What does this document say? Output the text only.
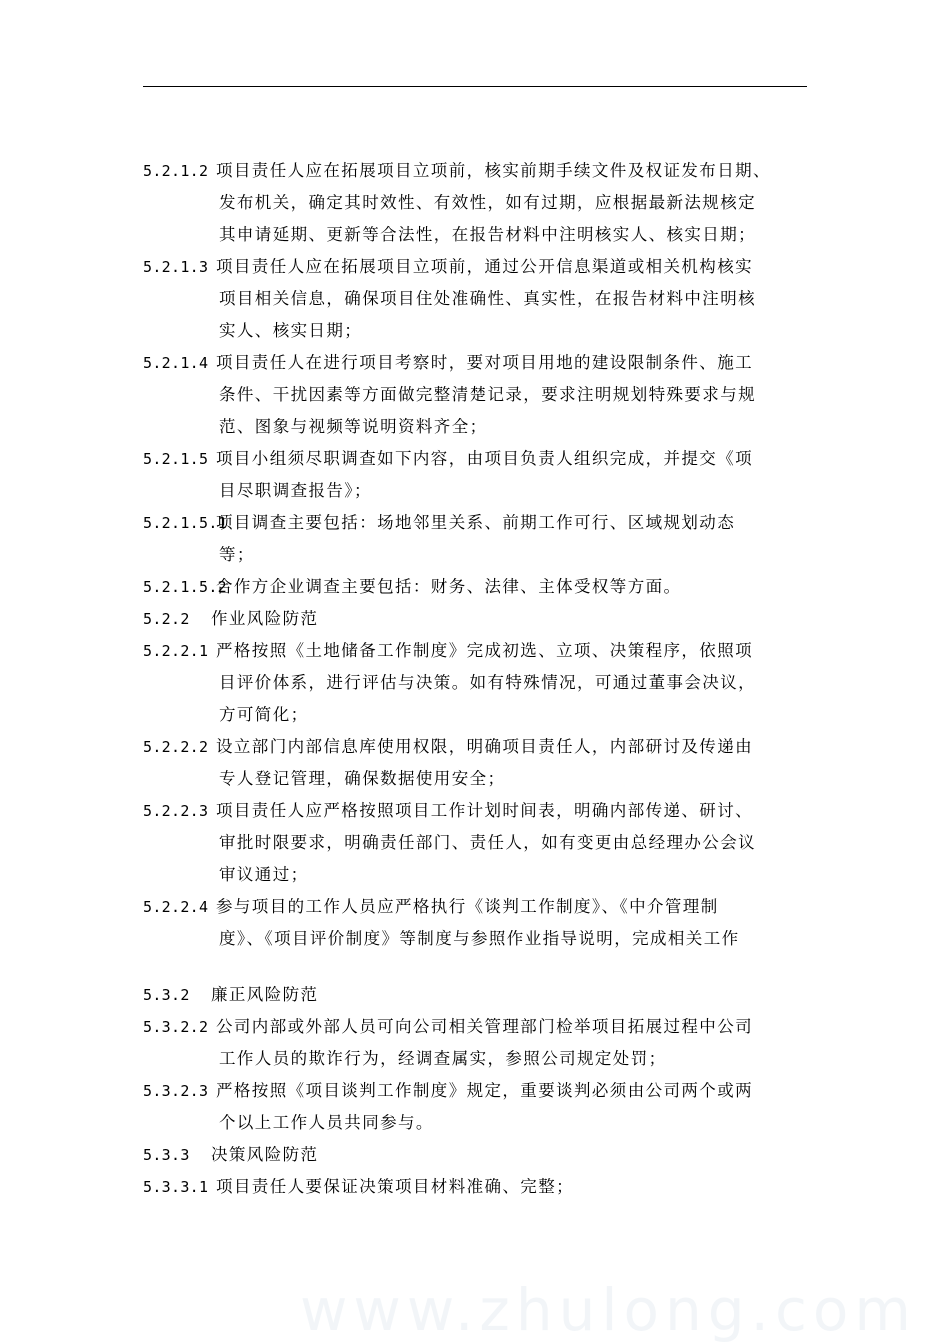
5.2.1.2 项目责任人应在拓展项目立项前，核实前期手续文件及权证发布日期、
发布机关，确定其时效性、有效性，如有过期，应根据最新法规核定
其申请延期、更新等合法性，在报告材料中注明核实人、核实日期；
5.2.1.3 项目责任人应在拓展项目立项前，通过公开信息渠道或相关机构核实
项目相关信息，确保项目住处准确性、真实性，在报告材料中注明核
实人、核实日期；
5.2.1.4 项目责任人在进行项目考察时，要对项目用地的建设限制条件、施工
条件、干扰因素等方面做完整清楚记录，要求注明规划特殊要求与规
范、图象与视频等说明资料齐全；
5.2.1.5 项目小组须尽职调查如下内容，由项目负责人组织完成，并提交《项
目尽职调查报告》；
5.2.1.5.1
项目调查主要包括：场地邻里关系、前期工作可行、区域规划动态
等；
5.2.1.5.2
合作方企业调查主要包括：财务、法律、主体受权等方面。
5.2.2	作业风险防范
5.2.2.1 严格按照《土地储备工作制度》完成初选、立项、决策程序，依照项
目评价体系，进行评估与决策。如有特殊情况，可通过董事会决议，
方可简化；
5.2.2.2 设立部门内部信息库使用权限，明确项目责任人，内部研讨及传递由
专人登记管理，确保数据使用安全；
5.2.2.3 项目责任人应严格按照项目工作计划时间表，明确内部传递、研讨、
审批时限要求，明确责任部门、责任人，如有变更由总经理办公会议
审议通过；
5.2.2.4 参与项目的工作人员应严格执行《谈判工作制度》、《中介管理制
度》、《项目评价制度》等制度与参照作业指导说明，完成相关工作
5.3.2	廉正风险防范
5.3.2.2 公司内部或外部人员可向公司相关管理部门检举项目拓展过程中公司
工作人员的欺诈行为，经调查属实，参照公司规定处罚；
5.3.2.3 严格按照《项目谈判工作制度》规定，重要谈判必须由公司两个或两
个以上工作人员共同参与。
5.3.3	决策风险防范
5.3.3.1 项目责任人要保证决策项目材料准确、完整；
www.zhulong.com
